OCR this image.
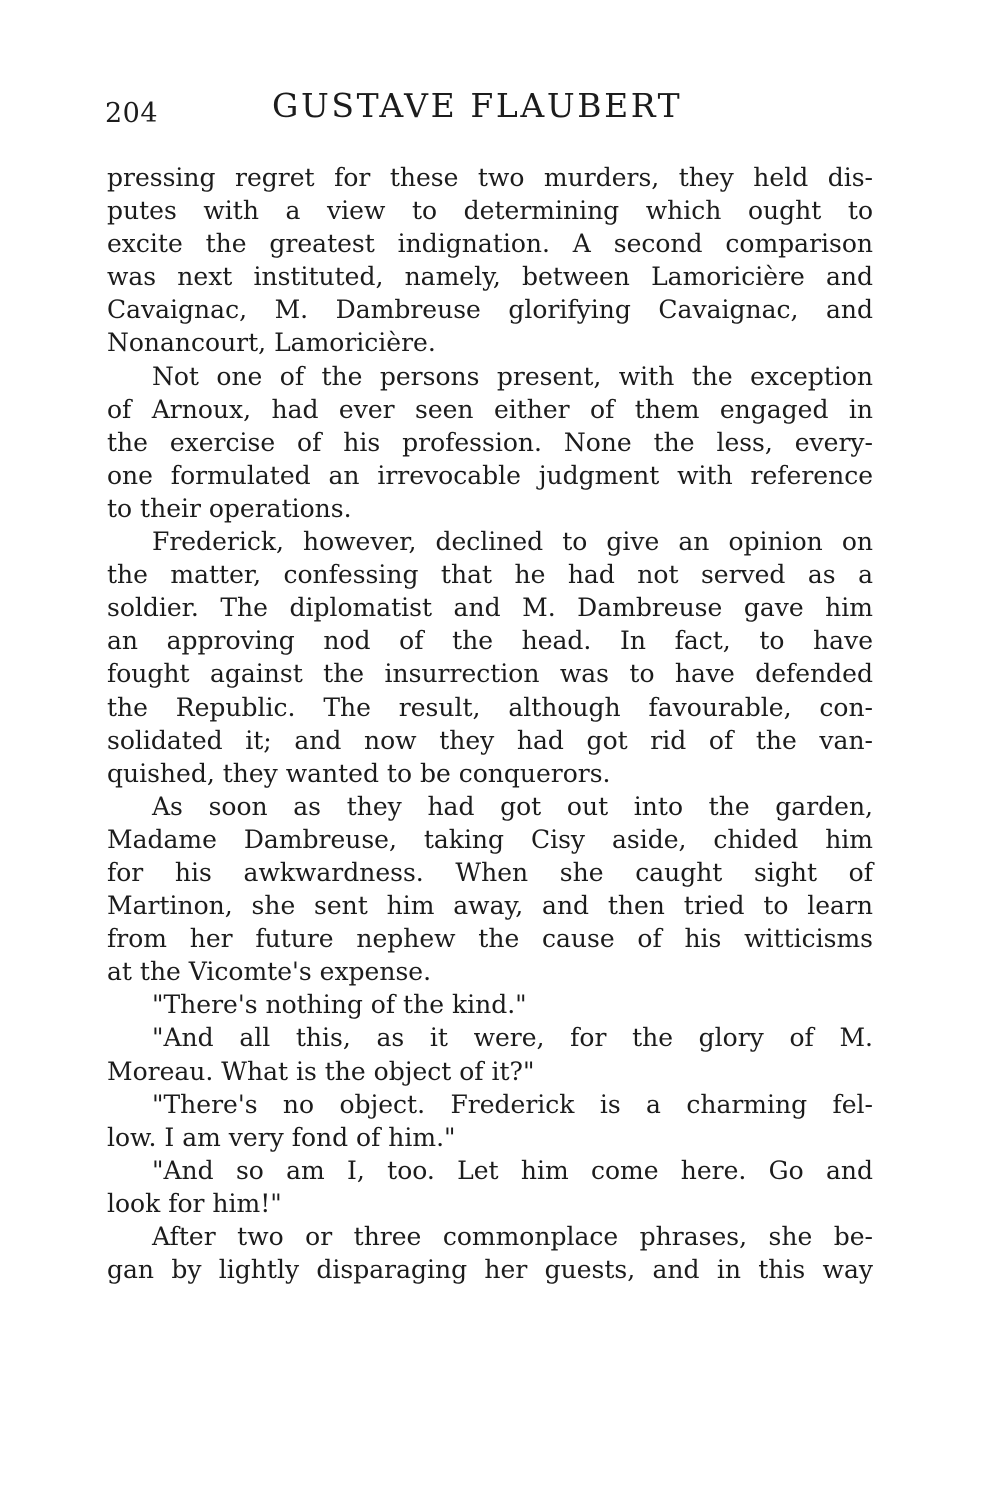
204	GUSTAVE FLAUBERT
pressing regret for these two murders, they held dis-
putes with a view to determining which ought to
excite the greatest indignation. A second comparison
was next instituted, namely, between Lamoricière and
Cavaignac, M. Dambreuse glorifying Cavaignac, and
Nonancourt, Lamoricière.
Not one of the persons present, with the exception
of Arnoux, had ever seen either of them engaged in
the exercise of his profession. None the less, every-
one formulated an irrevocable judgment with reference
to their operations.
Frederick, however, declined to give an opinion on
the matter, confessing that he had not served as a
soldier. The diplomatist and M. Dambreuse gave him
an approving nod of the head. In fact, to have
fought against the insurrection was to have defended
the Republic. The result, although favourable, con-
solidated it; and now they had got rid of the van-
quished, they wanted to be conquerors.
As soon as they had got out into the garden,
Madame Dambreuse, taking Cisy aside, chided him
for his awkwardness. When she caught sight of
Martinon, she sent him away, and then tried to learn
from her future nephew the cause of his witticisms
at the Vicomte's expense.
"There's nothing of the kind."
"And all this, as it were, for the glory of M.
Moreau. What is the object of it?"
"There's no object. Frederick is a charming fel-
low. I am very fond of him."
"And so am I, too. Let him come here. Go and
look for him!"
After two or three commonplace phrases, she be-
gan by lightly disparaging her guests, and in this way
